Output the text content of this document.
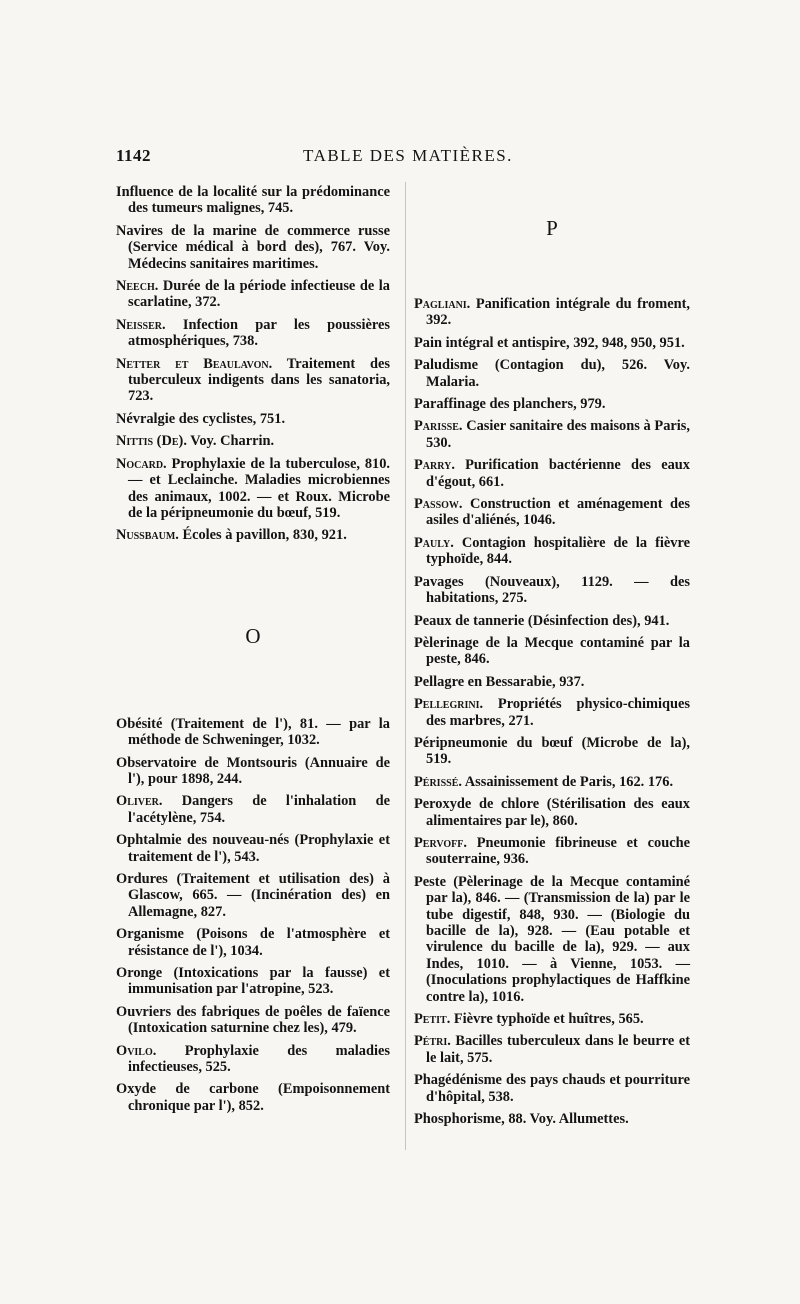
1142	TABLE DES MATIÈRES.

Influence de la localité sur la prédominance des tumeurs malignes, 745.

Navires de la marine de commerce russe (Service médical à bord des), 767. Voy. Médecins sanitaires maritimes.

Neech. Durée de la période infectieuse de la scarlatine, 372.

Neisser. Infection par les poussières atmosphériques, 738.

Netter et Beaulavon. Traitement des tuberculeux indigents dans les sanatoria, 723.

Névralgie des cyclistes, 751.

Nittis (De). Voy. Charrin.

Nocard. Prophylaxie de la tuberculose, 810. — et Leclainche. Maladies microbiennes des animaux, 1002. — et Roux. Microbe de la péripneumonie du bœuf, 519.

Nussbaum. Écoles à pavillon, 830, 921.

O

Obésité (Traitement de l'), 81. — par la méthode de Schweninger, 1032.

Observatoire de Montsouris (Annuaire de l'), pour 1898, 244.

Oliver. Dangers de l'inhalation de l'acétylène, 754.

Ophtalmie des nouveau-nés (Prophylaxie et traitement de l'), 543.

Ordures (Traitement et utilisation des) à Glascow, 665. — (Incinération des) en Allemagne, 827.

Organisme (Poisons de l'atmosphère et résistance de l'), 1034.

Oronge (Intoxications par la fausse) et immunisation par l'atropine, 523.

Ouvriers des fabriques de poêles de faïence (Intoxication saturnine chez les), 479.

Ovilo. Prophylaxie des maladies infectieuses, 525.

Oxyde de carbone (Empoisonnement chronique par l'), 852.

P

Pagliani. Panification intégrale du froment, 392.

Pain intégral et antispire, 392, 948, 950, 951.

Paludisme (Contagion du), 526. Voy. Malaria.

Paraffinage des planchers, 979.

Parisse. Casier sanitaire des maisons à Paris, 530.

Parry. Purification bactérienne des eaux d'égout, 661.

Passow. Construction et aménagement des asiles d'aliénés, 1046.

Pauly. Contagion hospitalière de la fièvre typhoïde, 844.

Pavages (Nouveaux), 1129. — des habitations, 275.

Peaux de tannerie (Désinfection des), 941.

Pèlerinage de la Mecque contaminé par la peste, 846.

Pellagre en Bessarabie, 937.

Pellegrini. Propriétés physico-chimiques des marbres, 271.

Péripneumonie du bœuf (Microbe de la), 519.

Périssé. Assainissement de Paris, 162. 176.

Peroxyde de chlore (Stérilisation des eaux alimentaires par le), 860.

Pervoff. Pneumonie fibrineuse et couche souterraine, 936.

Peste (Pèlerinage de la Mecque contaminé par la), 846. — (Transmission de la) par le tube digestif, 848, 930. — (Biologie du bacille de la), 928. — (Eau potable et virulence du bacille de la), 929. — aux Indes, 1010. — à Vienne, 1053. — (Inoculations prophylactiques de Haffkine contre la), 1016.

Petit. Fièvre typhoïde et huîtres, 565.

Pétri. Bacilles tuberculeux dans le beurre et le lait, 575.

Phagédénisme des pays chauds et pourriture d'hôpital, 538.

Phosphorisme, 88. Voy. Allumettes.
